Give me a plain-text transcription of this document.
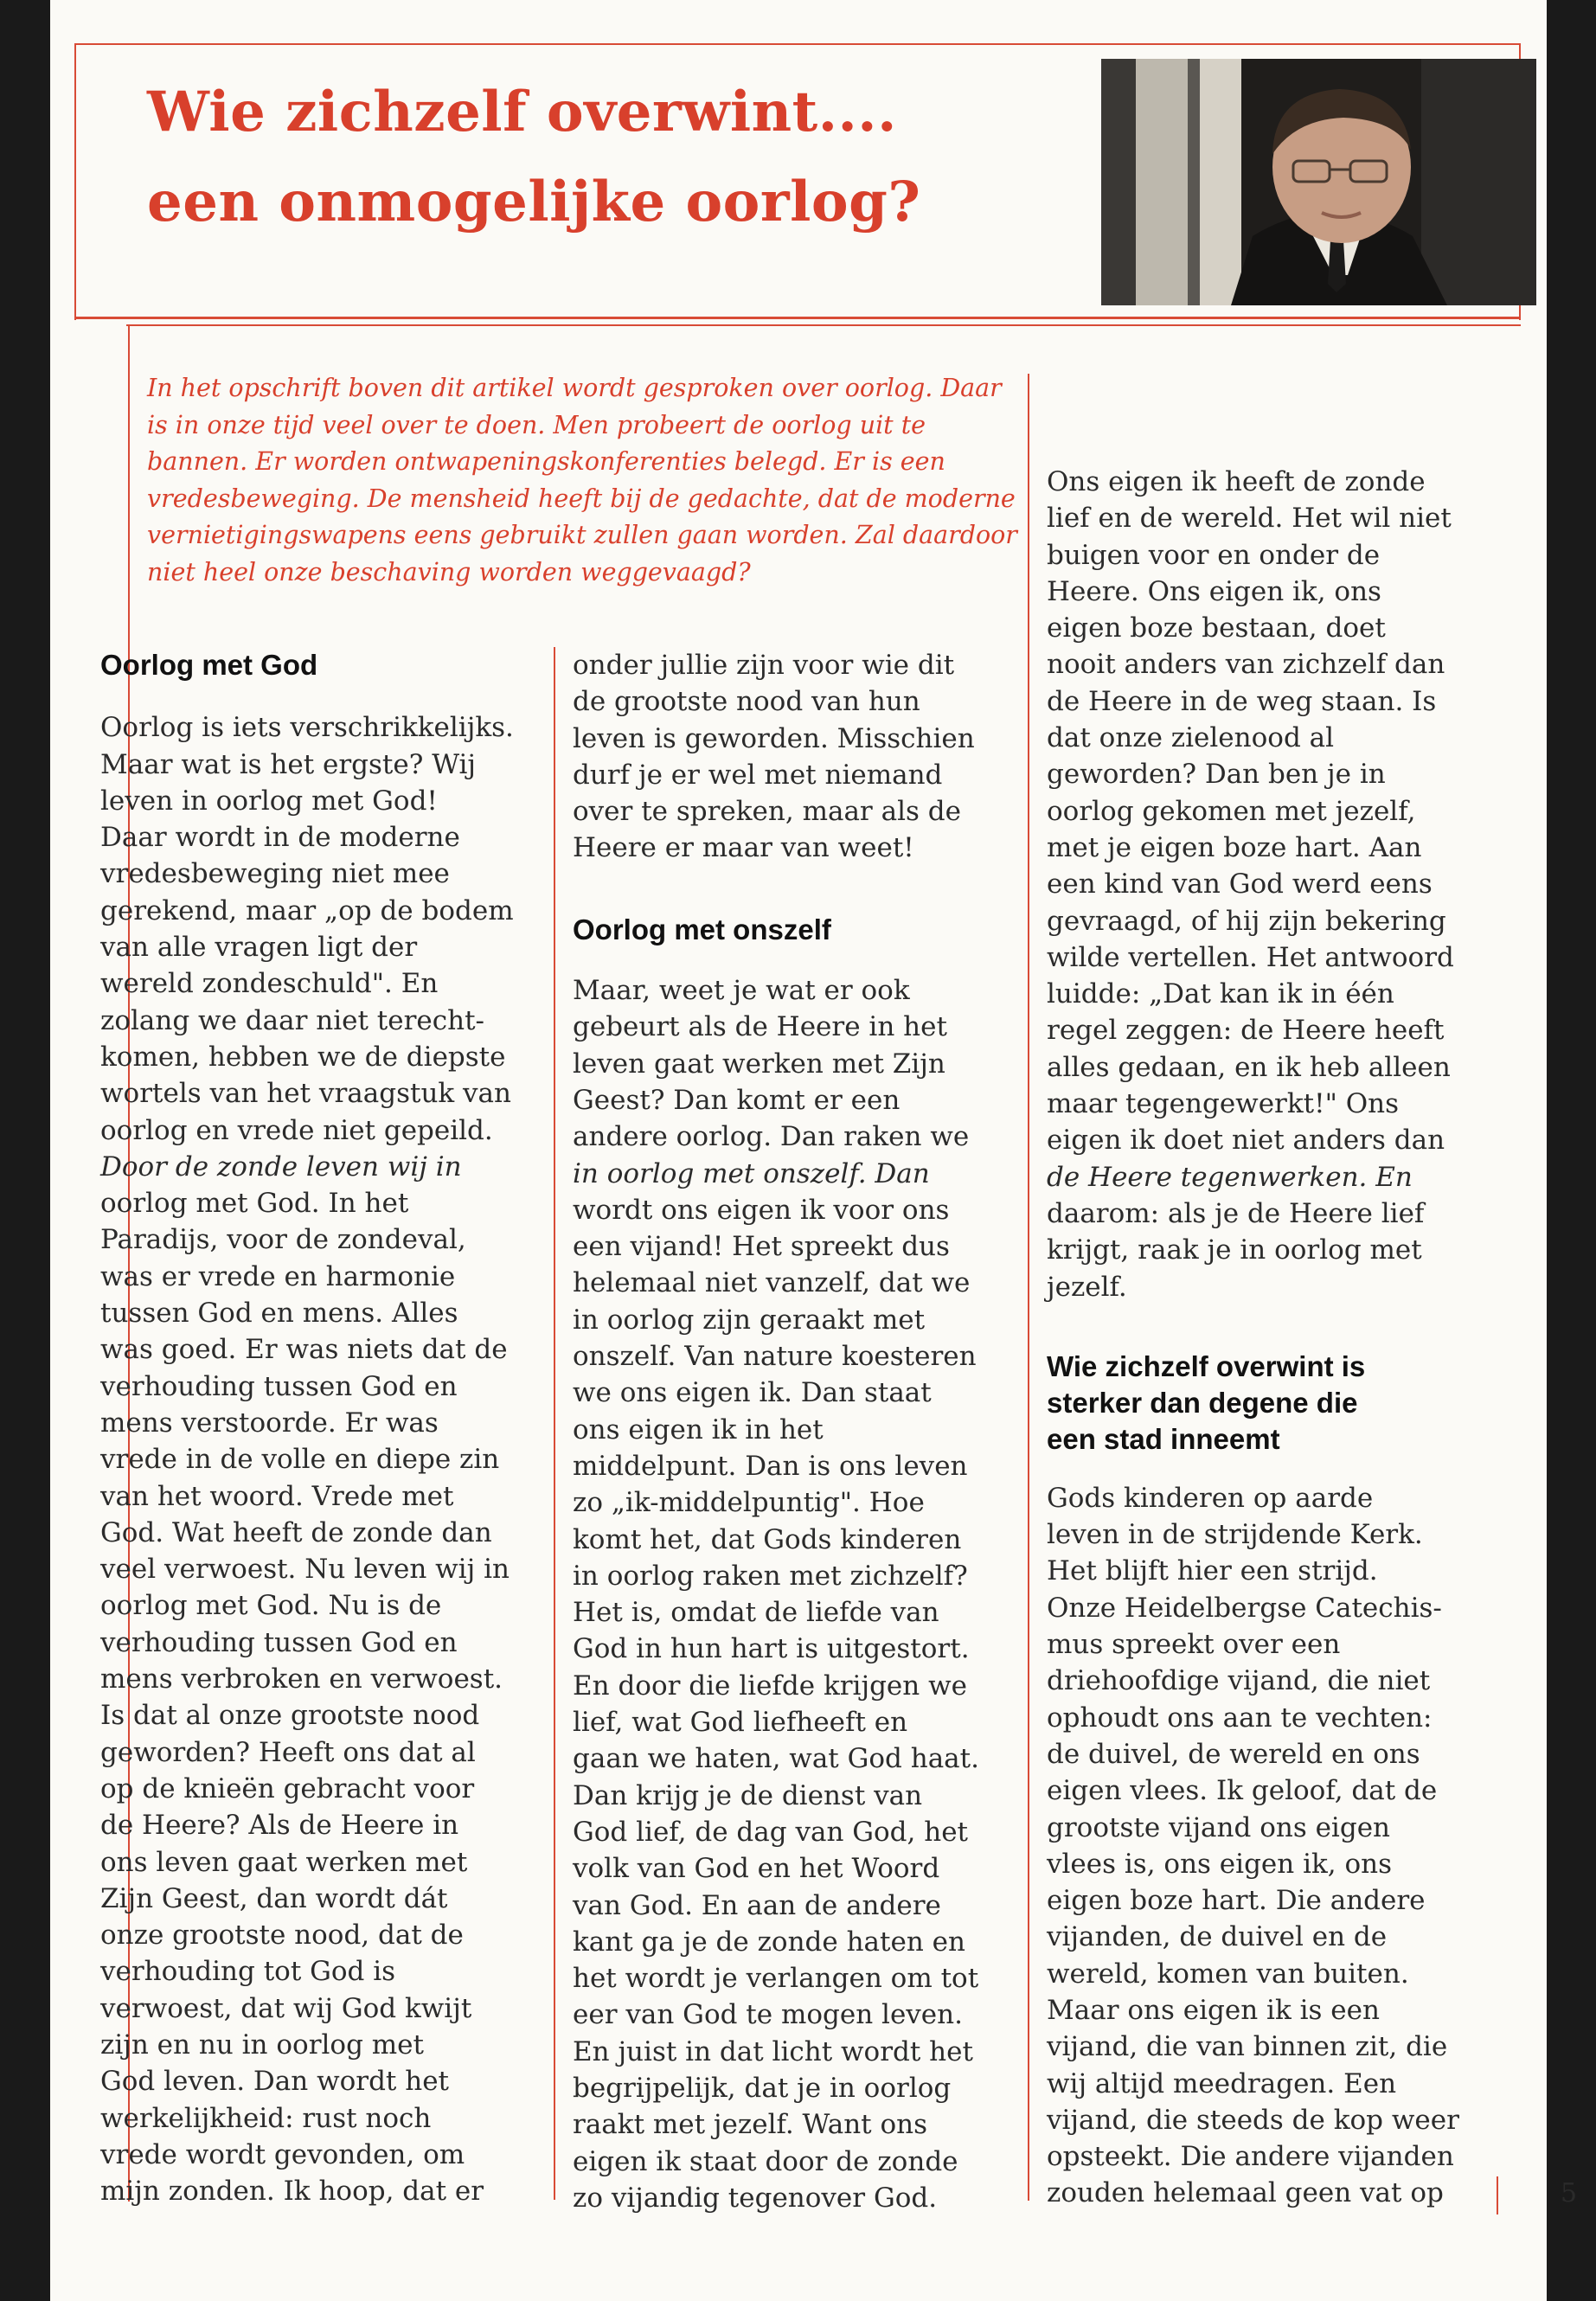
Wie zichzelf overwint....
een onmogelijke oorlog?
In het opschrift boven dit artikel wordt gesproken over oorlog. Daar
is in onze tijd veel over te doen. Men probeert de oorlog uit te
bannen. Er worden ontwapeningskonferenties belegd. Er is een
vredesbeweging. De mensheid heeft bij de gedachte, dat de moderne
vernietigingswapens eens gebruikt zullen gaan worden. Zal daardoor
niet heel onze beschaving worden weggevaagd?
Oorlog met God
Oorlog is iets verschrikkelijks.
Maar wat is het ergste? Wij
leven in oorlog met God!
Daar wordt in de moderne
vredesbeweging niet mee
gerekend, maar „op de bodem
van alle vragen ligt der
wereld zondeschuld". En
zolang we daar niet terecht-
komen, hebben we de diepste
wortels van het vraagstuk van
oorlog en vrede niet gepeild.
Door de zonde leven wij in
oorlog met God. In het
Paradijs, voor de zondeval,
was er vrede en harmonie
tussen God en mens. Alles
was goed. Er was niets dat de
verhouding tussen God en
mens verstoorde. Er was
vrede in de volle en diepe zin
van het woord. Vrede met
God. Wat heeft de zonde dan
veel verwoest. Nu leven wij in
oorlog met God. Nu is de
verhouding tussen God en
mens verbroken en verwoest.
Is dat al onze grootste nood
geworden? Heeft ons dat al
op de knieën gebracht voor
de Heere? Als de Heere in
ons leven gaat werken met
Zijn Geest, dan wordt dát
onze grootste nood, dat de
verhouding tot God is
verwoest, dat wij God kwijt
zijn en nu in oorlog met
God leven. Dan wordt het
werkelijkheid: rust noch
vrede wordt gevonden, om
mijn zonden. Ik hoop, dat er
onder jullie zijn voor wie dit
de grootste nood van hun
leven is geworden. Misschien
durf je er wel met niemand
over te spreken, maar als de
Heere er maar van weet!
Oorlog met onszelf
Maar, weet je wat er ook
gebeurt als de Heere in het
leven gaat werken met Zijn
Geest? Dan komt er een
andere oorlog. Dan raken we
in oorlog met onszelf. Dan
wordt ons eigen ik voor ons
een vijand! Het spreekt dus
helemaal niet vanzelf, dat we
in oorlog zijn geraakt met
onszelf. Van nature koesteren
we ons eigen ik. Dan staat
ons eigen ik in het
middelpunt. Dan is ons leven
zo „ik-middelpuntig". Hoe
komt het, dat Gods kinderen
in oorlog raken met zichzelf?
Het is, omdat de liefde van
God in hun hart is uitgestort.
En door die liefde krijgen we
lief, wat God liefheeft en
gaan we haten, wat God haat.
Dan krijg je de dienst van
God lief, de dag van God, het
volk van God en het Woord
van God. En aan de andere
kant ga je de zonde haten en
het wordt je verlangen om tot
eer van God te mogen leven.
En juist in dat licht wordt het
begrijpelijk, dat je in oorlog
raakt met jezelf. Want ons
eigen ik staat door de zonde
zo vijandig tegenover God.
Ons eigen ik heeft de zonde
lief en de wereld. Het wil niet
buigen voor en onder de
Heere. Ons eigen ik, ons
eigen boze bestaan, doet
nooit anders van zichzelf dan
de Heere in de weg staan. Is
dat onze zielenood al
geworden? Dan ben je in
oorlog gekomen met jezelf,
met je eigen boze hart. Aan
een kind van God werd eens
gevraagd, of hij zijn bekering
wilde vertellen. Het antwoord
luidde: „Dat kan ik in één
regel zeggen: de Heere heeft
alles gedaan, en ik heb alleen
maar tegengewerkt!" Ons
eigen ik doet niet anders dan
de Heere tegenwerken. En
daarom: als je de Heere lief
krijgt, raak je in oorlog met
jezelf.
Wie zichzelf overwint is
sterker dan degene die
een stad inneemt
Gods kinderen op aarde
leven in de strijdende Kerk.
Het blijft hier een strijd.
Onze Heidelbergse Catechis-
mus spreekt over een
driehoofdige vijand, die niet
ophoudt ons aan te vechten:
de duivel, de wereld en ons
eigen vlees. Ik geloof, dat de
grootste vijand ons eigen
vlees is, ons eigen ik, ons
eigen boze hart. Die andere
vijanden, de duivel en de
wereld, komen van buiten.
Maar ons eigen ik is een
vijand, die van binnen zit, die
wij altijd meedragen. Een
vijand, die steeds de kop weer
opsteekt. Die andere vijanden
zouden helemaal geen vat op	5
